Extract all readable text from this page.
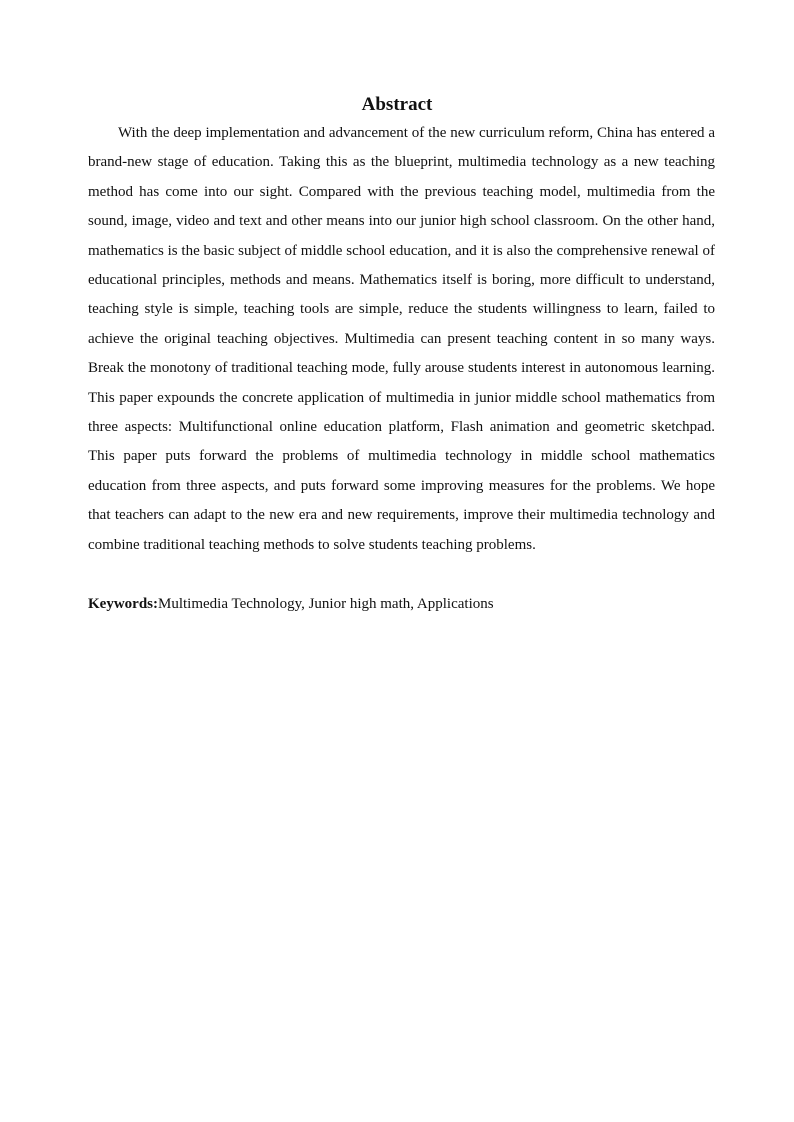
Abstract

With the deep implementation and advancement of the new curriculum reform, China has entered a brand-new stage of education. Taking this as the blueprint, multimedia technology as a new teaching method has come into our sight. Compared with the previous teaching model, multimedia from the sound, image, video and text and other means into our junior high school classroom. On the other hand, mathematics is the basic subject of middle school education, and it is also the comprehensive renewal of educational principles, methods and means. Mathematics itself is boring, more difficult to understand, teaching style is simple, teaching tools are simple, reduce the students willingness to learn, failed to achieve the original teaching objectives. Multimedia can present teaching content in so many ways. Break the monotony of traditional teaching mode, fully arouse students interest in autonomous learning. This paper expounds the concrete application of multimedia in junior middle school mathematics from three aspects: Multifunctional online education platform, Flash animation and geometric sketchpad. This paper puts forward the problems of multimedia technology in middle school mathematics education from three aspects, and puts forward some improving measures for the problems. We hope that teachers can adapt to the new era and new requirements, improve their multimedia technology and combine traditional teaching methods to solve students teaching problems.

Keywords:Multimedia Technology, Junior high math, Applications
